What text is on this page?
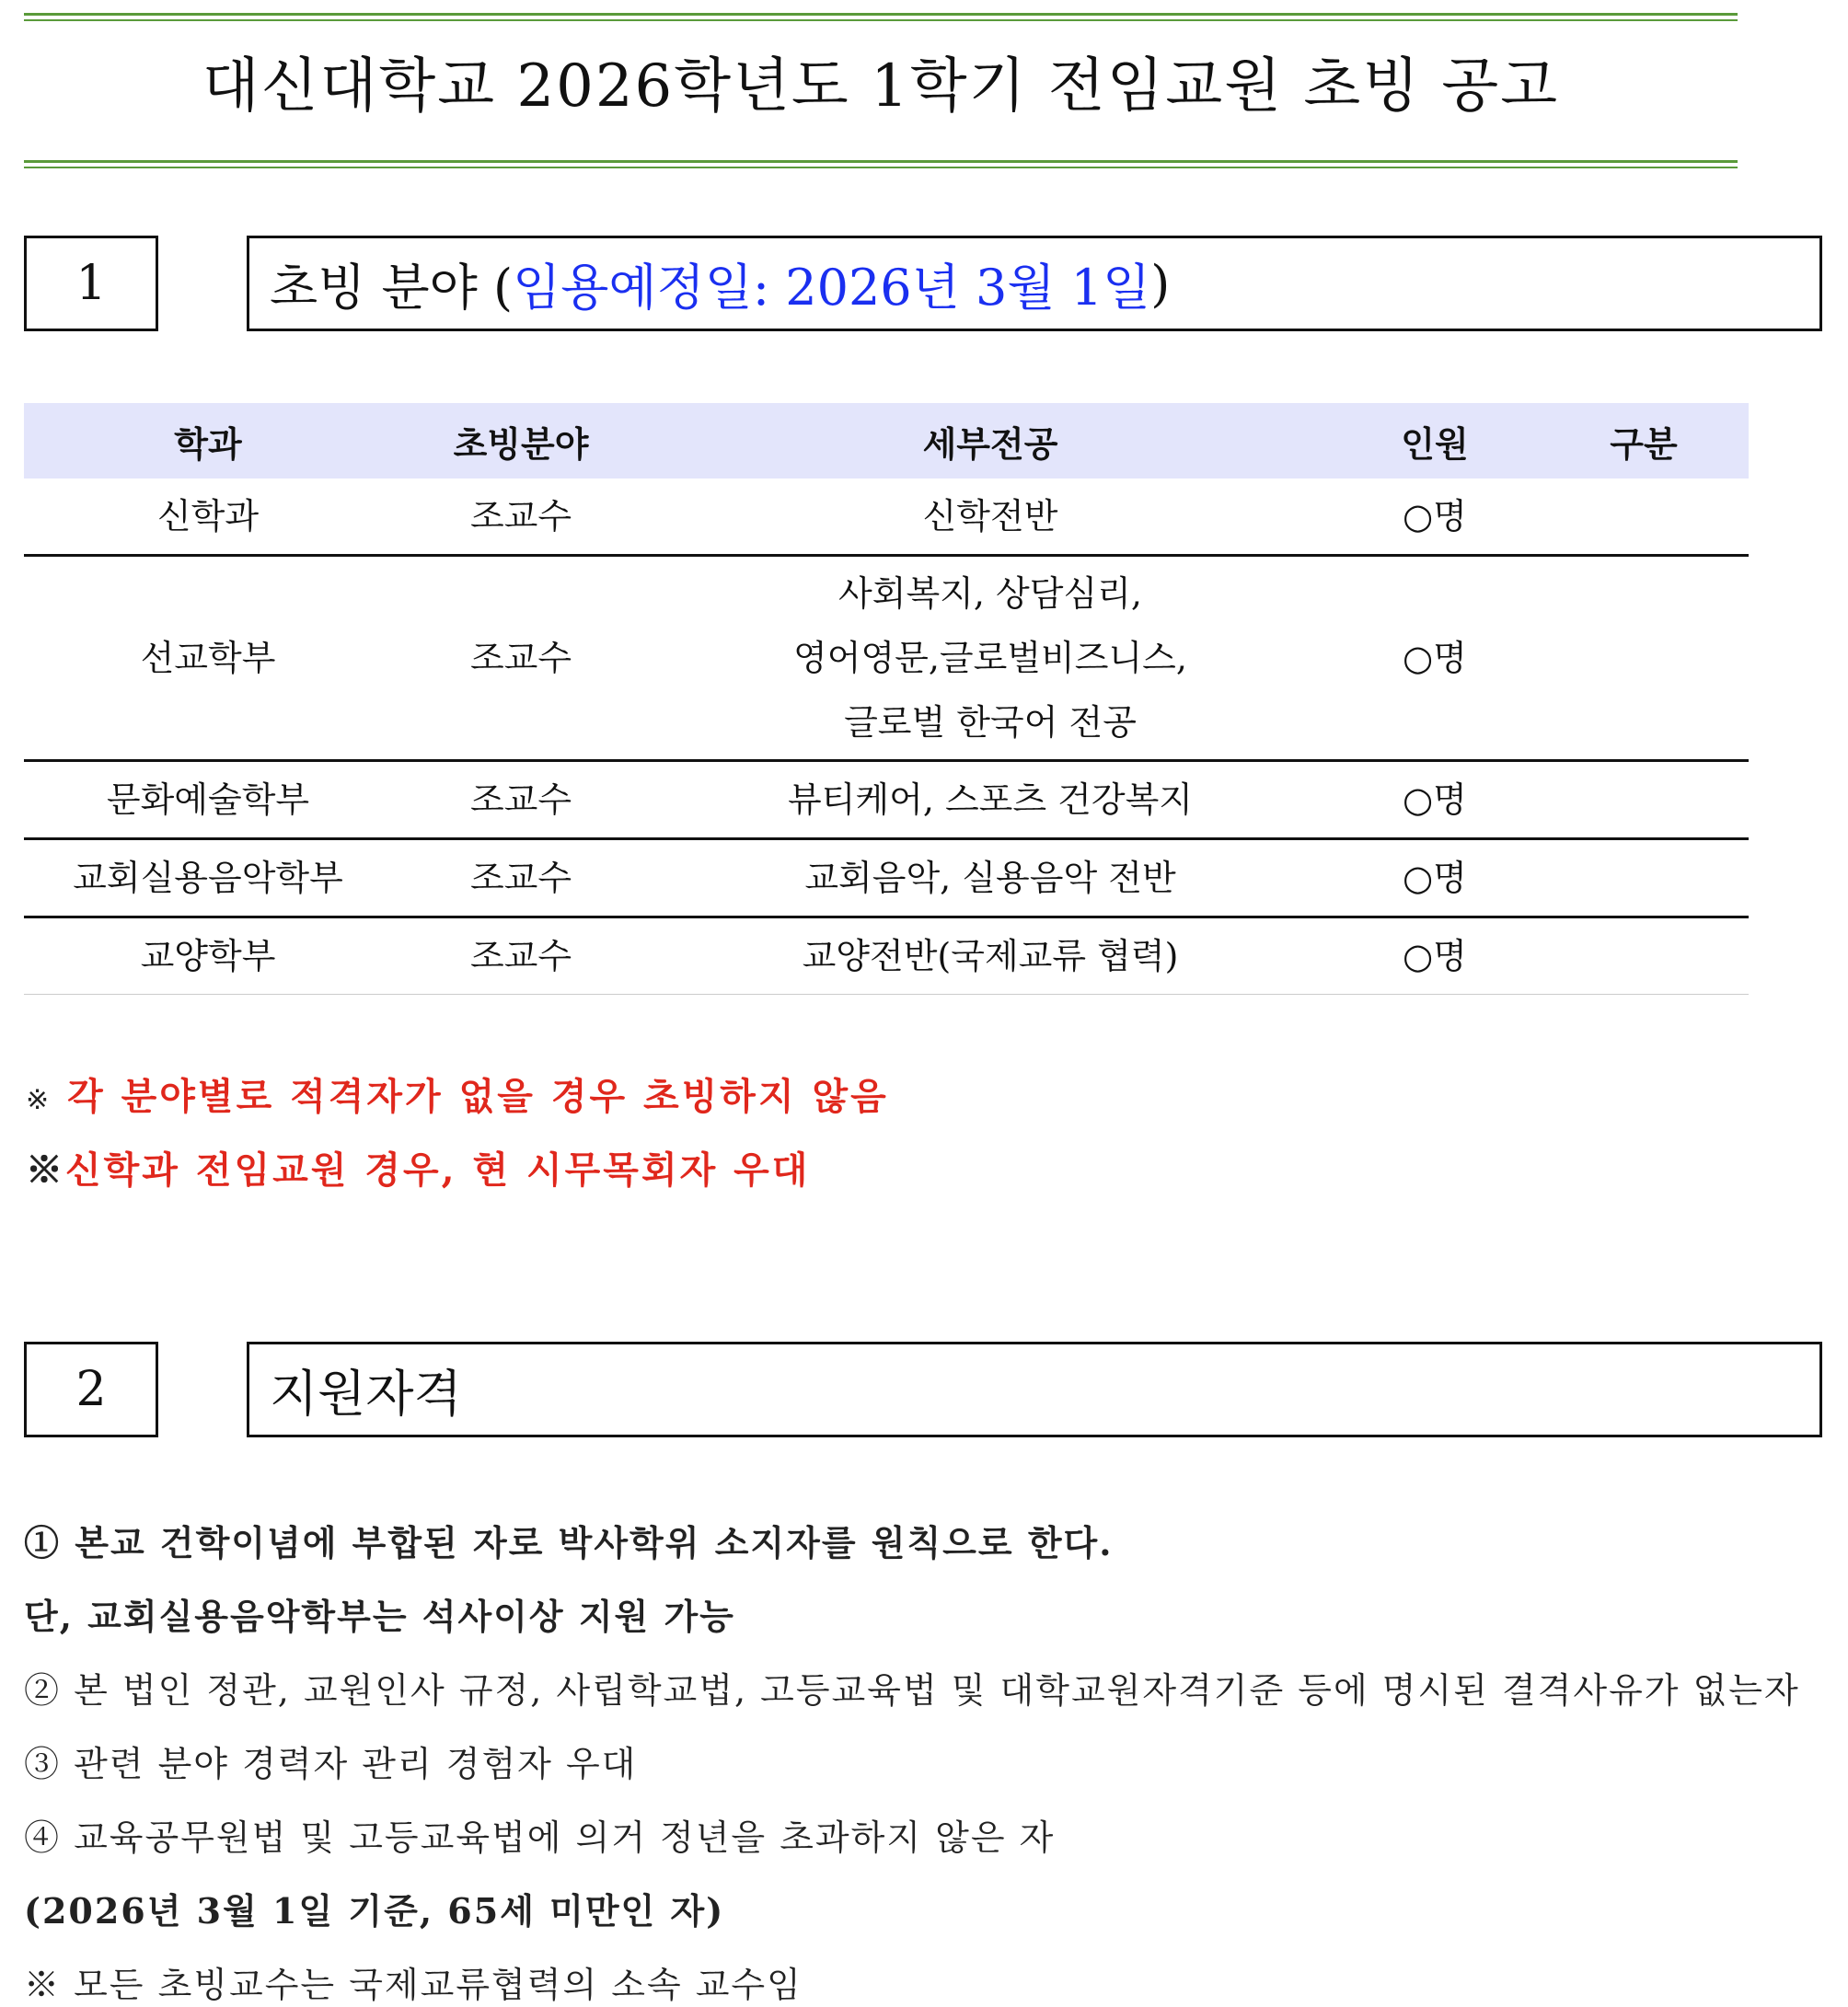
대신대학교 2026학년도 1학기 전임교원 초빙 공고
1	초빙 분야 ( 임용예정일: 2026년 3월 1일 )
학과	초빙분야	세부전공	인원	구분
신학과	조교수	신학전반	○명	
선교학부	조교수	사회복지, 상담심리,
영어영문,글로벌비즈니스,
글로벌 한국어 전공	○명	
문화예술학부	조교수	뷰티케어, 스포츠 건강복지	○명	
교회실용음악학부	조교수	교회음악, 실용음악 전반	○명	
교양학부	조교수	교양전반(국제교류 협력)	○명	
※ 각 분야별로 적격자가 없을 경우 초빙하지 않음
※신학과 전임교원 경우, 현 시무목회자 우대
2	지원자격
① 본교 건학이념에 부합된 자로 박사학위 소지자를 원칙으로 한다.
단, 교회실용음악학부는 석사이상 지원 가능
② 본 법인 정관, 교원인사 규정, 사립학교법, 고등교육법 및 대학교원자격기준 등에 명시된 결격사유가 없는자
③ 관련 분야 경력자 관리 경험자 우대
④ 교육공무원법 및 고등교육법에 의거 정년을 초과하지 않은 자
(2026년 3월 1일 기준, 65세 미만인 자)
※ 모든 초빙교수는 국제교류협력의 소속 교수임
